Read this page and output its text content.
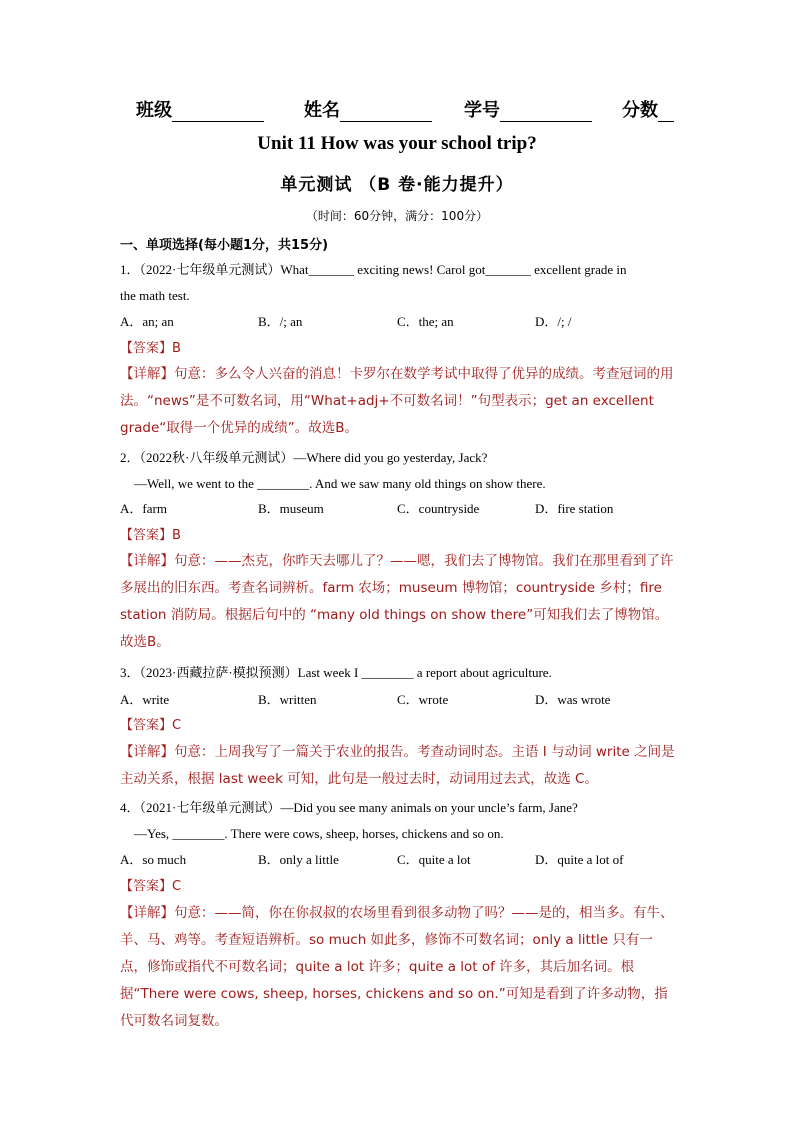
班级	姓名	学号	分数
Unit 11 How was your school trip?
单元测试 （B 卷·能力提升）
（时间：60分钟，满分：100分）
一、单项选择(每小题1分，共15分)
1．（2022·七年级单元测试）What_______ exciting news! Carol got_______ excellent grade in
the math test.
A．an; an	B．/; an	C．the; an	D．/; /
【答案】B
【详解】句意：多么令人兴奋的消息！卡罗尔在数学考试中取得了优异的成绩。考查冠词的用法。“news”是不可数名词，用“What+adj+不可数名词！”句型表示；get an excellent grade“取得一个优异的成绩”。故选B。
2．（2022秋·八年级单元测试）—Where did you go yesterday, Jack?
—Well, we went to the ________. And we saw many old things on show there.
A．farm	B．museum	C．countryside	D．fire station
【答案】B
【详解】句意：——杰克，你昨天去哪儿了？——嗯，我们去了博物馆。我们在那里看到了许多展出的旧东西。考查名词辨析。farm 农场；museum 博物馆；countryside 乡村；fire station 消防局。根据后句中的 “many old things on show there”可知我们去了博物馆。故选B。
3．（2023·西藏拉萨·模拟预测）Last week I ________ a report about agriculture.
A．write	B．written	C．wrote	D．was wrote
【答案】C
【详解】句意：上周我写了一篇关于农业的报告。考查动词时态。主语 I 与动词 write 之间是主动关系，根据 last week 可知，此句是一般过去时，动词用过去式，故选 C。
4．（2021·七年级单元测试）—Did you see many animals on your uncle’s farm, Jane?
—Yes, ________. There were cows, sheep, horses, chickens and so on.
A．so much	B．only a little	C．quite a lot	D．quite a lot of
【答案】C
【详解】句意：——简，你在你叔叔的农场里看到很多动物了吗？——是的，相当多。有牛、羊、马、鸡等。考查短语辨析。so much 如此多，修饰不可数名词；only a little 只有一点，修饰或指代不可数名词；quite a lot 许多；quite a lot of 许多，其后加名词。根据“There were cows, sheep, horses, chickens and so on.”可知是看到了许多动物，指代可数名词复数。
